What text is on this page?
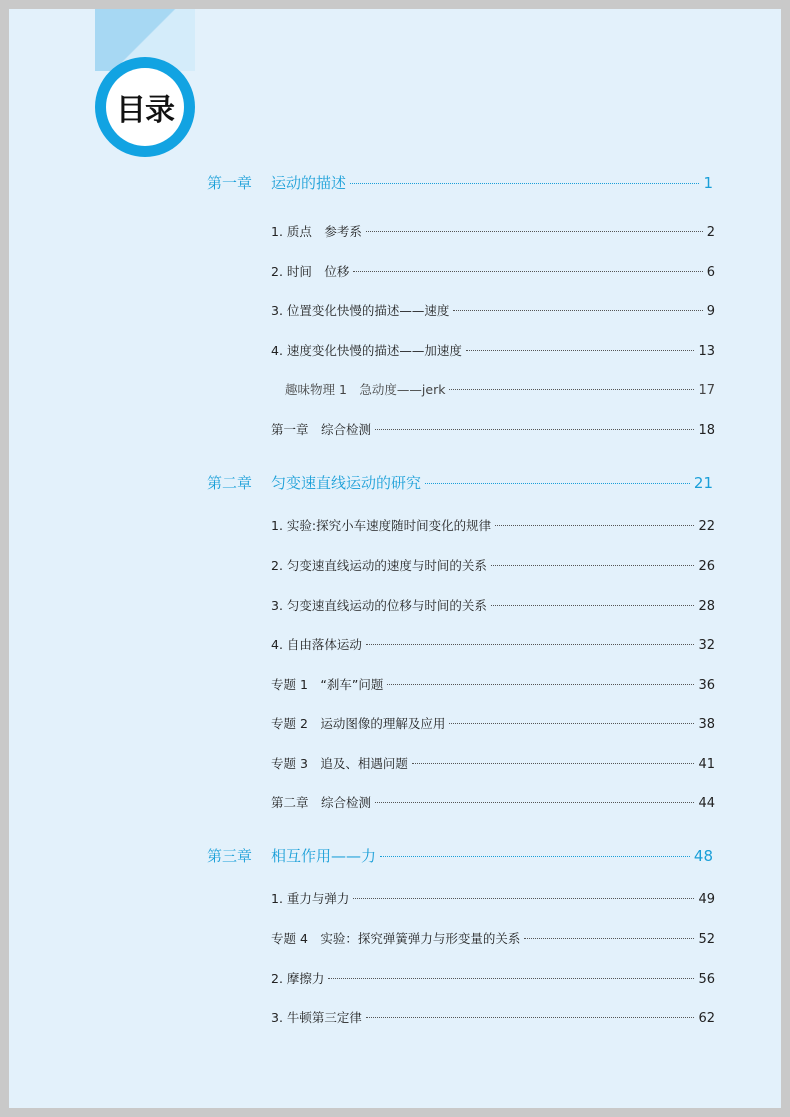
目录
第一章	运动的描述	1
1. 质点　参考系	2
2. 时间　位移	6
3. 位置变化快慢的描述——速度	9
4. 速度变化快慢的描述——加速度	13
趣味物理 1　急动度——jerk	17
第一章　综合检测	18
第二章	匀变速直线运动的研究	21
1. 实验:探究小车速度随时间变化的规律	22
2. 匀变速直线运动的速度与时间的关系	26
3. 匀变速直线运动的位移与时间的关系	28
4. 自由落体运动	32
专题 1　“刹车”问题	36
专题 2　运动图像的理解及应用	38
专题 3　追及、相遇问题	41
第二章　综合检测	44
第三章	相互作用——力	48
1. 重力与弹力	49
专题 4　实验：探究弹簧弹力与形变量的关系	52
2. 摩擦力	56
3. 牛顿第三定律	62
